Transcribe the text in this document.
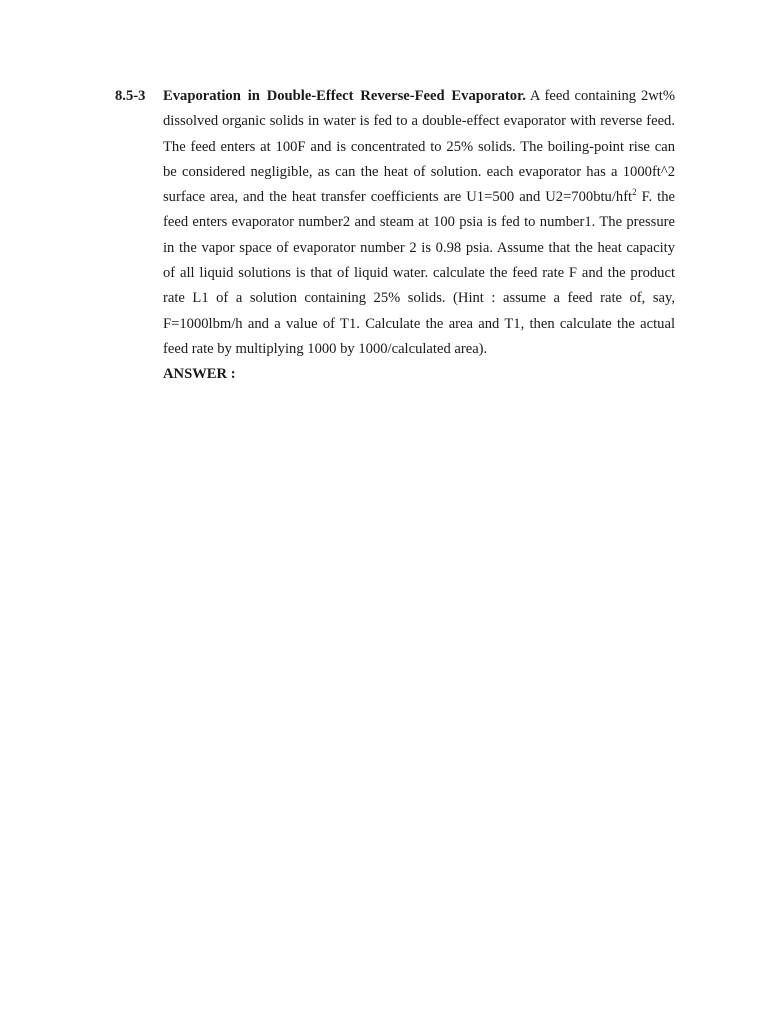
8.5-3 Evaporation in Double-Effect Reverse-Feed Evaporator. A feed containing 2wt% dissolved organic solids in water is fed to a double-effect evaporator with reverse feed. The feed enters at 100F and is concentrated to 25% solids. The boiling-point rise can be considered negligible, as can the heat of solution. each evaporator has a 1000ft^2 surface area, and the heat transfer coefficients are U1=500 and U2=700btu/hft$^2$ F. the feed enters evaporator number2 and steam at 100 psia is fed to number1. The pressure in the vapor space of evaporator number 2 is 0.98 psia. Assume that the heat capacity of all liquid solutions is that of liquid water. calculate the feed rate F and the product rate L1 of a solution containing 25% solids. (Hint : assume a feed rate of, say, F=1000lbm/h and a value of T1. Calculate the area and T1, then calculate the actual feed rate by multiplying 1000 by 1000/calculated area).
ANSWER :
